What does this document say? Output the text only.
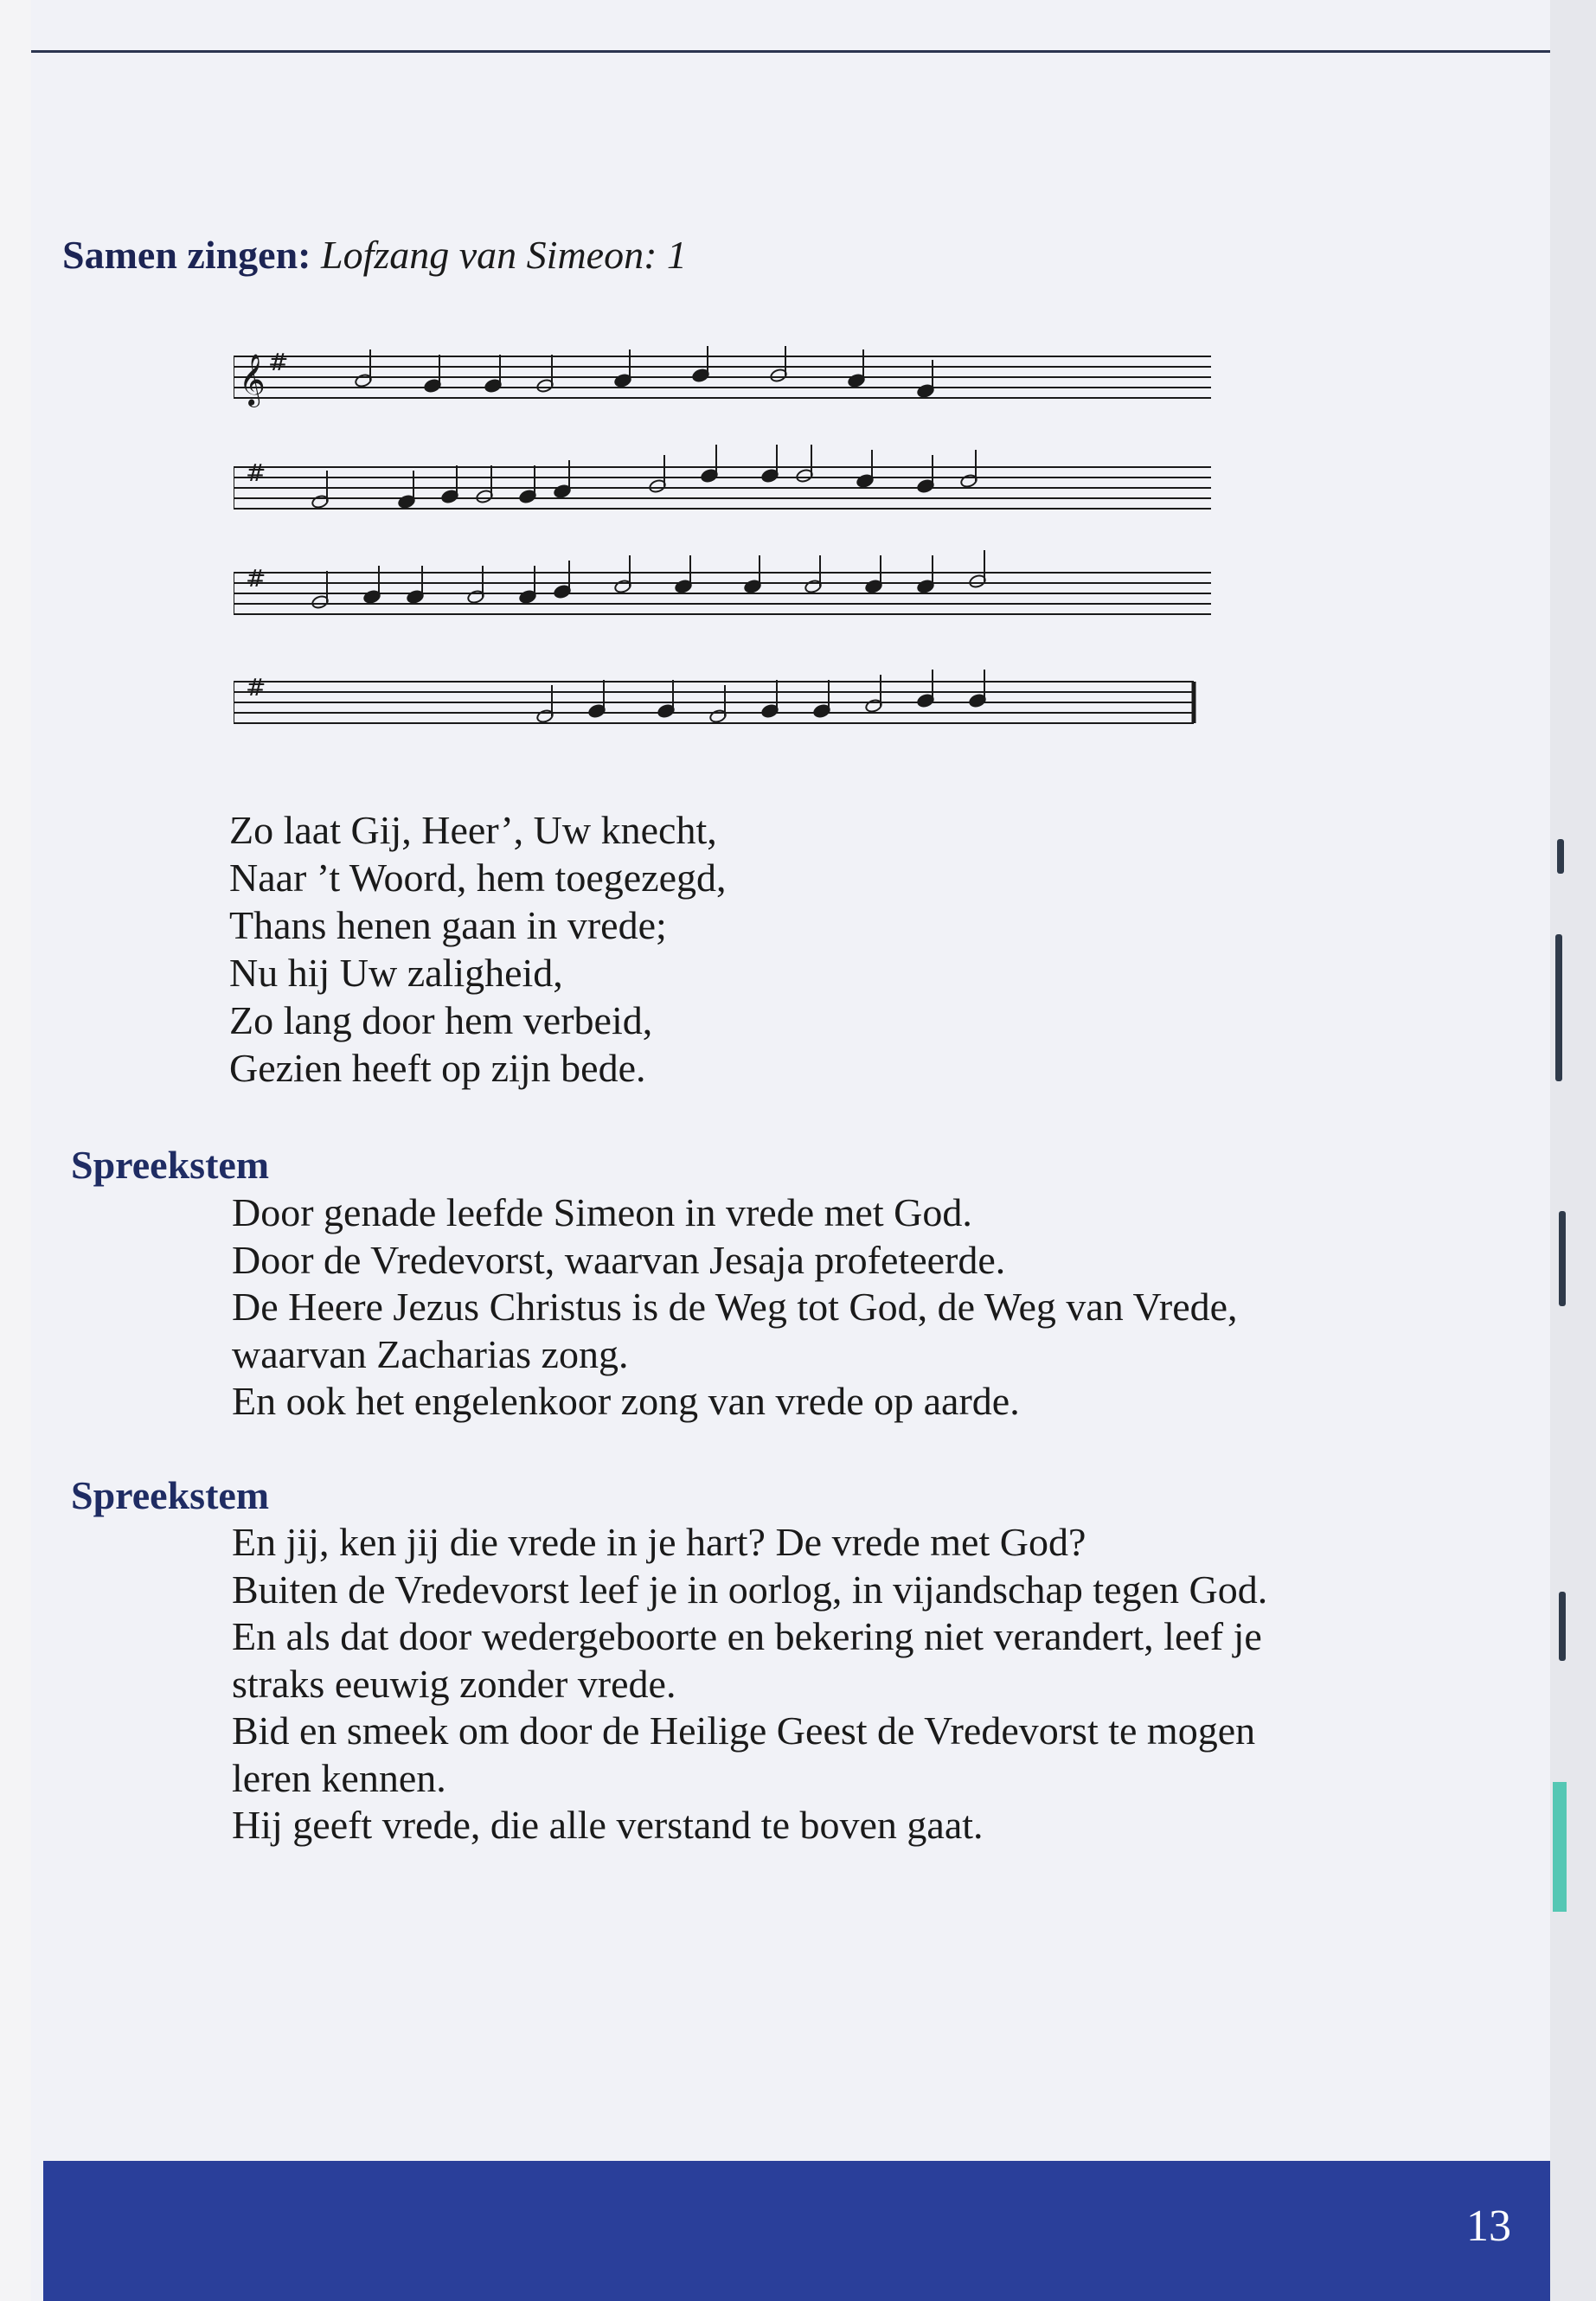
Samen zingen: Lofzang van Simeon: 1
𝄞 #
#
#
#
Zo laat Gij, Heer’, Uw knecht,
Naar ’t Woord, hem toegezegd,
Thans henen gaan in vrede;
Nu hij Uw zaligheid,
Zo lang door hem verbeid,
Gezien heeft op zijn bede.
Spreekstem
Door genade leefde Simeon in vrede met God.
Door de Vredevorst, waarvan Jesaja profeteerde.
De Heere Jezus Christus is de Weg tot God, de Weg van Vrede,
waarvan Zacharias zong.
En ook het engelenkoor zong van vrede op aarde.
Spreekstem
En jij, ken jij die vrede in je hart? De vrede met God?
Buiten de Vredevorst leef je in oorlog, in vijandschap tegen God.
En als dat door wedergeboorte en bekering niet verandert, leef je
straks eeuwig zonder vrede.
Bid en smeek om door de Heilige Geest de Vredevorst te mogen
leren kennen.
Hij geeft vrede, die alle verstand te boven gaat.
13
